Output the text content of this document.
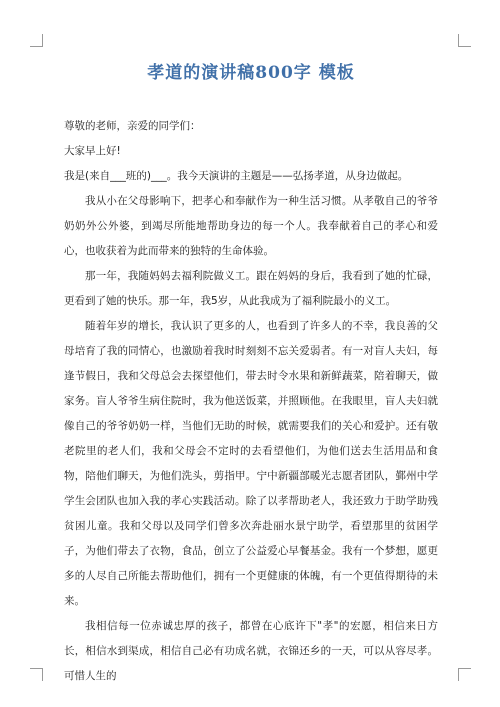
孝道的演讲稿800字 模板

尊敬的老师，亲爱的同学们：

大家早上好!

我是(来自___班的)___。我今天演讲的主题是——弘扬孝道，从身边做起。

我从小在父母影响下，把孝心和奉献作为一种生活习惯。从孝敬自己的爷爷奶奶外公外婆，到竭尽所能地帮助身边的每一个人。我奉献着自己的孝心和爱心，也收获着为此而带来的独特的生命体验。

那一年，我随妈妈去福利院做义工。跟在妈妈的身后，我看到了她的忙碌，更看到了她的快乐。那一年，我5岁，从此我成为了福利院最小的义工。

随着年岁的增长，我认识了更多的人，也看到了许多人的不幸，我良善的父母培育了我的同情心，也激励着我时时刻刻不忘关爱弱者。有一对盲人夫妇，每逢节假日，我和父母总会去探望他们，带去时令水果和新鲜蔬菜，陪着聊天，做家务。盲人爷爷生病住院时，我为他送饭菜，并照顾他。在我眼里，盲人夫妇就像自己的爷爷奶奶一样，当他们无助的时候，就需要我们的关心和爱护。还有敬老院里的老人们，我和父母会不定时的去看望他们，为他们送去生活用品和食物，陪他们聊天，为他们洗头，剪指甲。宁中新疆部暖光志愿者团队，鄞州中学学生会团队也加入我的孝心实践活动。除了以孝帮助老人，我还致力于助学助残贫困儿童。我和父母以及同学们曾多次奔赴丽水景宁助学，看望那里的贫困学子，为他们带去了衣物，食品，创立了公益爱心早餐基金。我有一个梦想，愿更多的人尽自己所能去帮助他们，拥有一个更健康的体魄，有一个更值得期待的未来。

我相信每一位赤诚忠厚的孩子，都曾在心底许下"孝"的宏愿，相信来日方长，相信水到渠成，相信自己必有功成名就，衣锦还乡的一天，可以从容尽孝。可惜人生的
